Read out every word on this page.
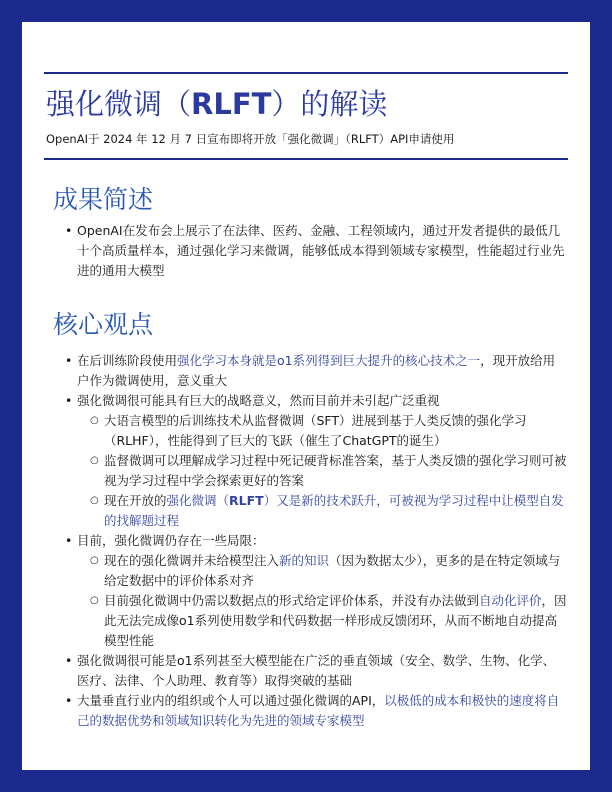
强化微调（RLFT）的解读
OpenAI于 2024 年 12 月 7 日宣布即将开放「强化微调」（RLFT）API申请使用
成果简述
• OpenAI在发布会上展示了在法律、医药、金融、工程领域内，通过开发者提供的最低几十个高质量样本，通过强化学习来微调，能够低成本得到领域专家模型，性能超过行业先进的通用大模型
核心观点
• 在后训练阶段使用强化学习本身就是o1系列得到巨大提升的核心技术之一，现开放给用户作为微调使用，意义重大
• 强化微调很可能具有巨大的战略意义，然而目前并未引起广泛重视
○ 大语言模型的后训练技术从监督微调（SFT）进展到基于人类反馈的强化学习（RLHF），性能得到了巨大的飞跃（催生了ChatGPT的诞生）
○ 监督微调可以理解成学习过程中死记硬背标准答案，基于人类反馈的强化学习则可被视为学习过程中学会探索更好的答案
○ 现在开放的强化微调（RLFT）又是新的技术跃升，可被视为学习过程中让模型自发的找解题过程
• 目前，强化微调仍存在一些局限：
○ 现在的强化微调并未给模型注入新的知识（因为数据太少），更多的是在特定领域与给定数据中的评价体系对齐
○ 目前强化微调中仍需以数据点的形式给定评价体系，并没有办法做到自动化评价，因此无法完成像o1系列使用数学和代码数据一样形成反馈闭环，从而不断地自动提高模型性能
• 强化微调很可能是o1系列甚至大模型能在广泛的垂直领域（安全、数学、生物、化学、医疗、法律、个人助理、教育等）取得突破的基础
• 大量垂直行业内的组织或个人可以通过强化微调的API，以极低的成本和极快的速度将自己的数据优势和领域知识转化为先进的领域专家模型
